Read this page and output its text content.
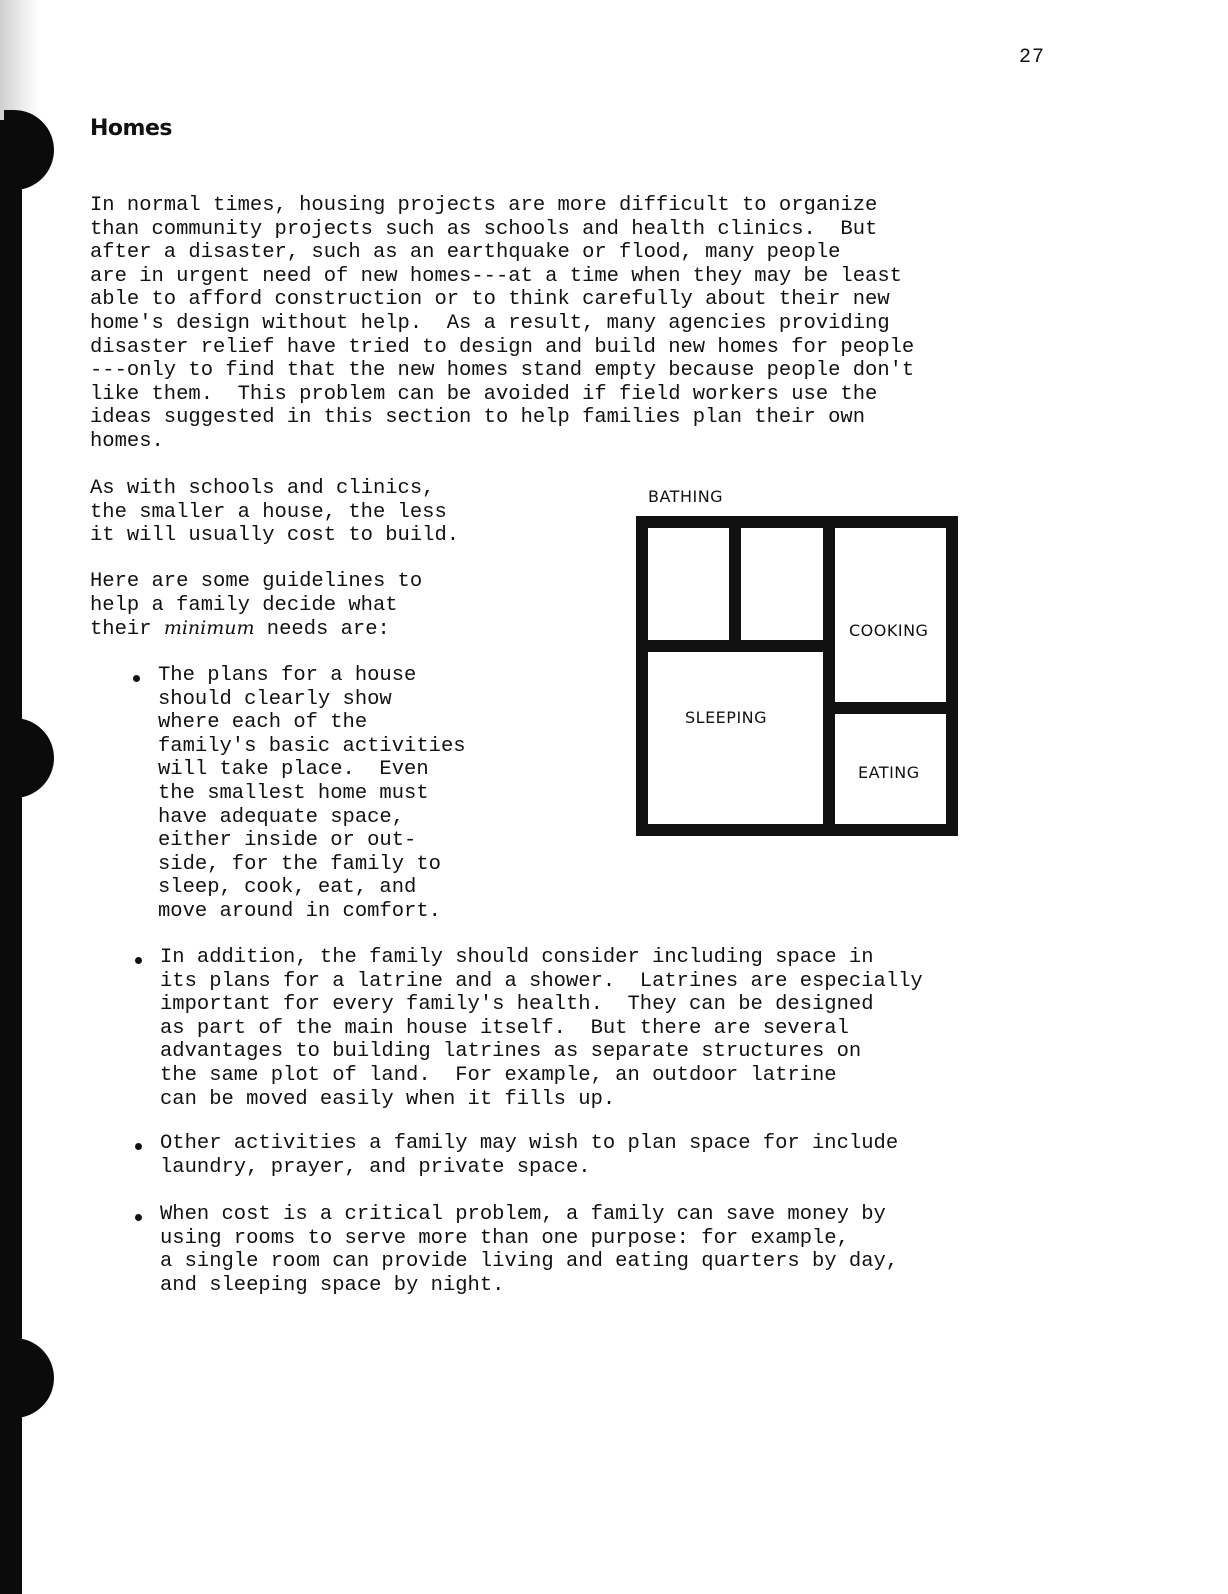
27
Homes

In normal times, housing projects are more difficult to organize
than community projects such as schools and health clinics.  But
after a disaster, such as an earthquake or flood, many people
are in urgent need of new homes---at a time when they may be least
able to afford construction or to think carefully about their new
home's design without help.  As a result, many agencies providing
disaster relief have tried to design and build new homes for people
---only to find that the new homes stand empty because people don't
like them.  This problem can be avoided if field workers use the
ideas suggested in this section to help families plan their own
homes.

As with schools and clinics,
the smaller a house, the less
it will usually cost to build.

Here are some guidelines to
help a family decide what
their minimum needs are:

The plans for a house
should clearly show
where each of the
family's basic activities
will take place.  Even
the smallest home must
have adequate space,
either inside or out-
side, for the family to
sleep, cook, eat, and
move around in comfort.

In addition, the family should consider including space in
its plans for a latrine and a shower.  Latrines are especially
important for every family's health.  They can be designed
as part of the main house itself.  But there are several
advantages to building latrines as separate structures on
the same plot of land.  For example, an outdoor latrine
can be moved easily when it fills up.

Other activities a family may wish to plan space for include
laundry, prayer, and private space.

When cost is a critical problem, a family can save money by
using rooms to serve more than one purpose: for example,
a single room can provide living and eating quarters by day,
and sleeping space by night.

BATHING
COOKING
SLEEPING
EATING
